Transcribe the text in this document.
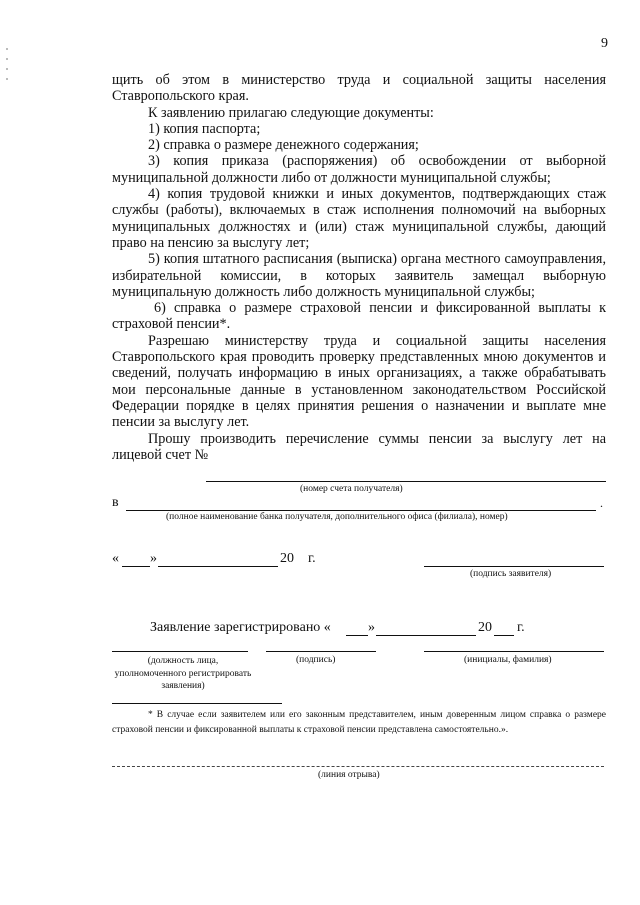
9

щить об этом в министерство труда и социальной защиты населения Ставропольского края.

К заявлению прилагаю следующие документы:

1) копия паспорта;

2) справка о размере денежного содержания;

3) копия приказа (распоряжения) об освобождении от выборной муниципальной должности либо от должности муниципальной службы;

4) копия трудовой книжки и иных документов, подтверждающих стаж службы (работы), включаемых в стаж исполнения полномочий на выборных муниципальных должностях и (или) стаж муниципальной службы, дающий право на пенсию за выслугу лет;

5) копия штатного расписания (выписка) органа местного самоуправления, избирательной комиссии, в которых заявитель замещал выборную муниципальную должность либо должность муниципальной службы;

6) справка о размере страховой пенсии и фиксированной выплаты к страховой пенсии*.

Разрешаю министерству труда и социальной защиты населения Ставропольского края проводить проверку представленных мною документов и сведений, получать информацию в иных организациях, а также обрабатывать мои персональные данные в установленном законодательством Российской Федерации порядке в целях принятия решения о назначении и выплате мне пенсии за выслугу лет.

Прошу производить перечисление суммы пенсии за выслугу лет на лицевой счет №

(номер счета получателя)
в	.
(полное наименование банка получателя, дополнительного офиса (филиала), номер)
« »	20 г.
(подпись заявителя)
Заявление зарегистрировано «	»	20 г.
(должность лица, уполномоченного регистрировать заявления)
(подпись)	(инициалы, фамилия)
* В случае если заявителем или его законным представителем, иным доверенным лицом справка о размере страховой пенсии и фиксированной выплаты к страховой пенсии представлена самостоятельно.».
(линия отрыва)
